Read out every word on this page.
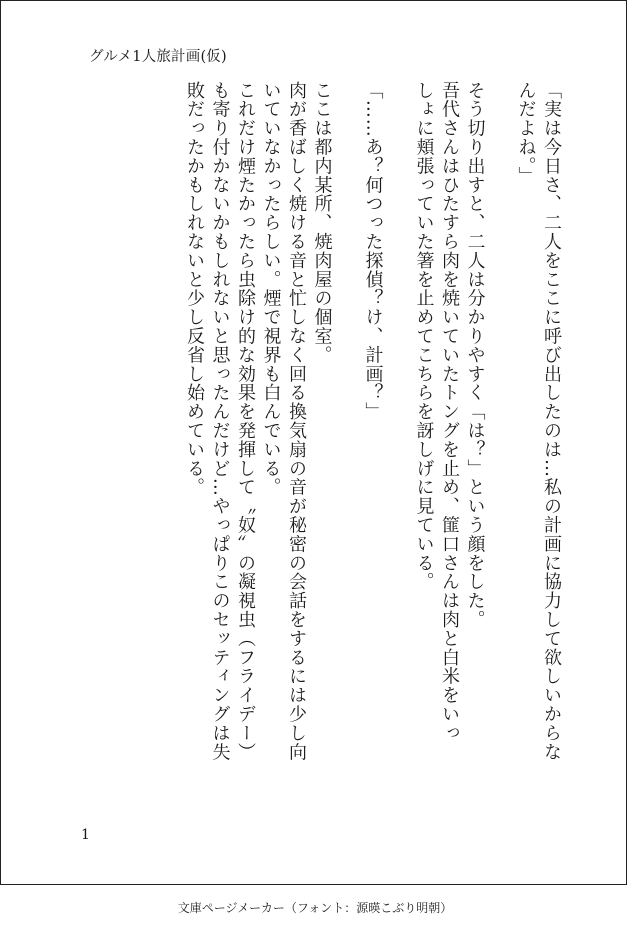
グルメ1人旅計画(仮)

「実は今日さ、二人をここに呼び出したのは…私の計画に協力して欲しいからな

んだよね。」

そう切り出すと、二人は分かりやすく「は？」という顔をした。

吾代さんはひたすら肉を焼いていたトングを止め、篚口さんは肉と白米をいっ

しょに頬張っていた箸を止めてこちらを訝しげに見ている。

「……あ？何つった探偵？け、計画？」

ここは都内某所、焼肉屋の個室。

肉が香ばしく焼ける音と忙しなく回る換気扇の音が秘密の会話をするには少し向

いていなかったらしい。煙で視界も白んでいる。

これだけ煙たかったら虫除け的な効果を発揮して〝奴〟の凝視虫（フライデー）

も寄り付かないかもしれないと思ったんだけど…やっぱりこのセッティングは失

敗だったかもしれないと少し反省し始めている。

1
文庫ページメーカー（フォント：源暎こぶり明朝）
